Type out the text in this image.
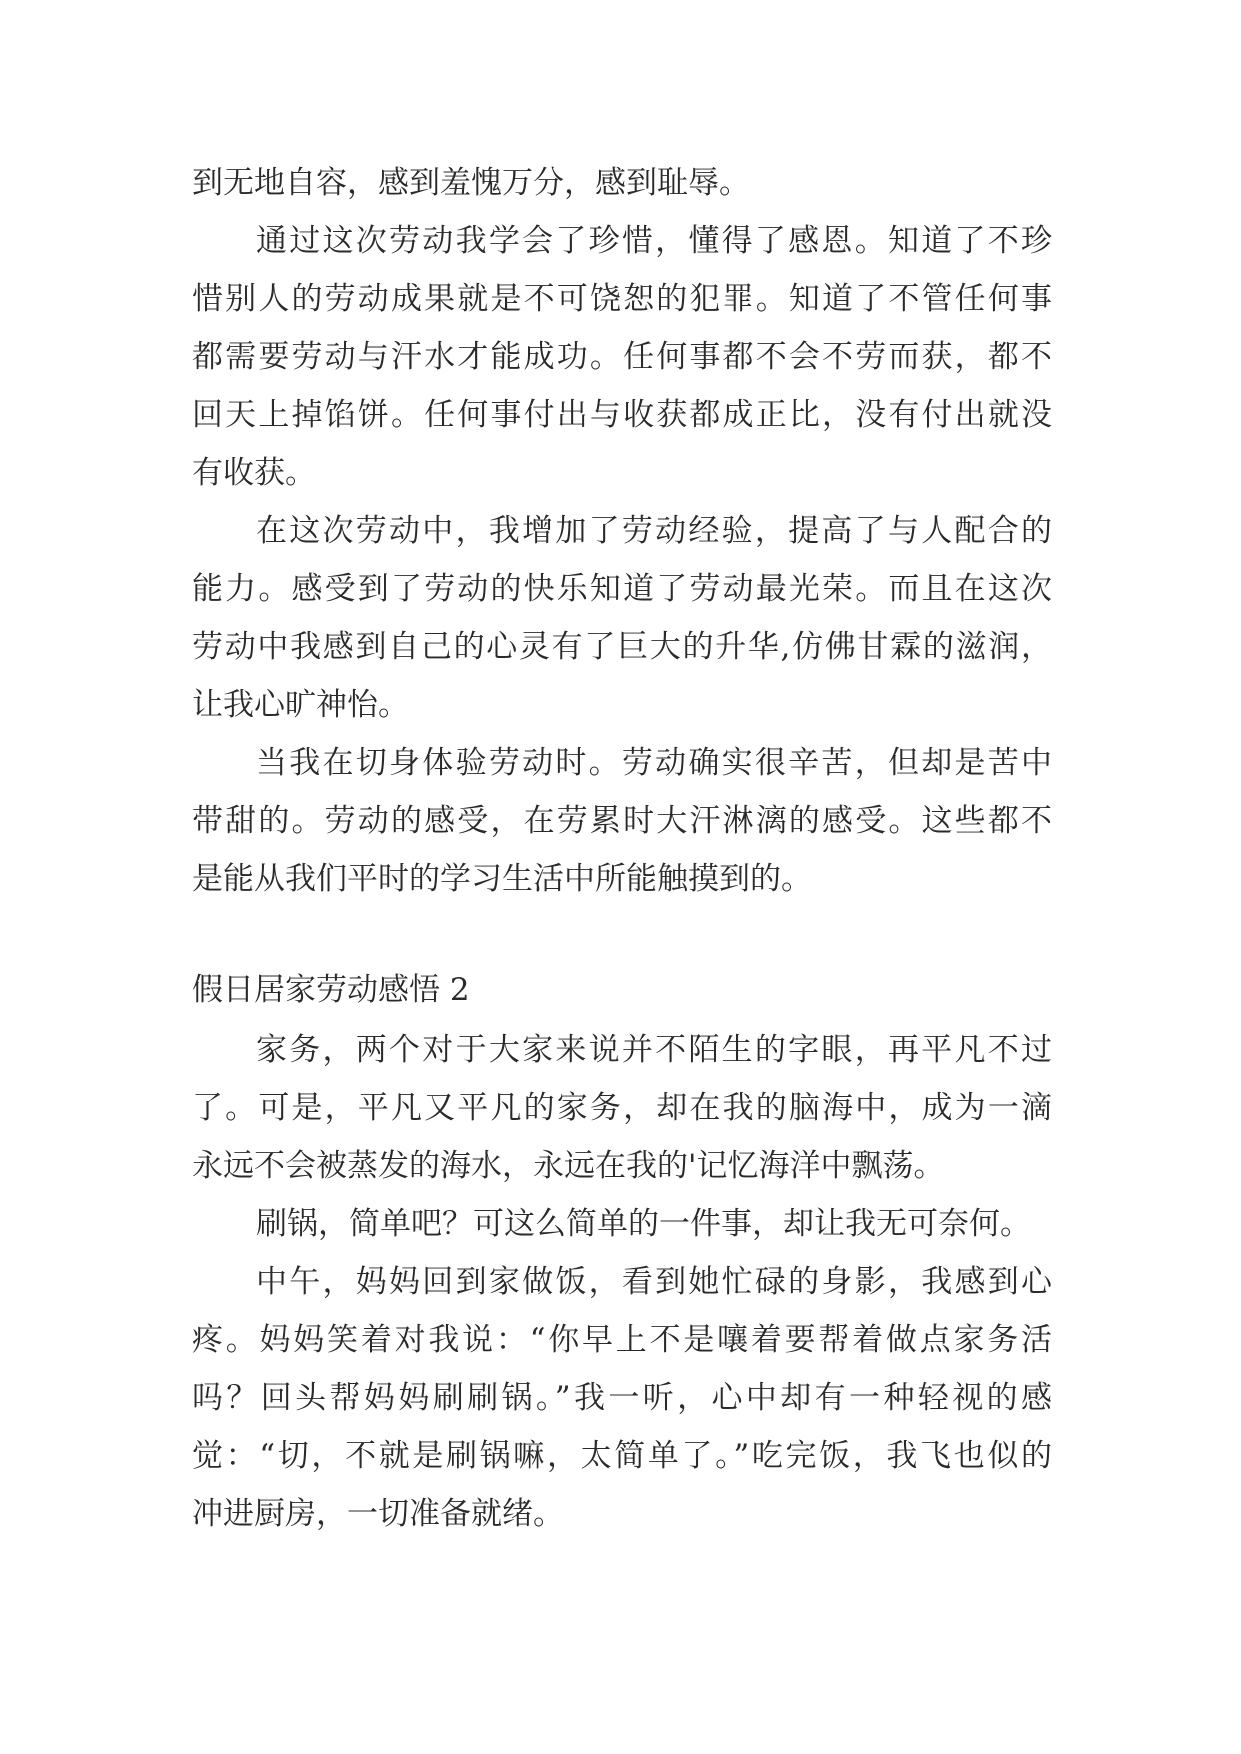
到无地自容，感到羞愧万分，感到耻辱。
通过这次劳动我学会了珍惜，懂得了感恩。知道了不珍
惜别人的劳动成果就是不可饶恕的犯罪。知道了不管任何事
都需要劳动与汗水才能成功。任何事都不会不劳而获，都不
回天上掉馅饼。任何事付出与收获都成正比，没有付出就没
有收获。
在这次劳动中，我增加了劳动经验，提高了与人配合的
能力。感受到了劳动的快乐知道了劳动最光荣。而且在这次
劳动中我感到自己的心灵有了巨大的升华,仿佛甘霖的滋润，
让我心旷神怡。
当我在切身体验劳动时。劳动确实很辛苦，但却是苦中
带甜的。劳动的感受，在劳累时大汗淋漓的感受。这些都不
是能从我们平时的学习生活中所能触摸到的。
假日居家劳动感悟 2
家务，两个对于大家来说并不陌生的字眼，再平凡不过
了。可是，平凡又平凡的家务，却在我的脑海中，成为一滴
永远不会被蒸发的海水，永远在我的'记忆海洋中飘荡。
刷锅，简单吧？可这么简单的一件事，却让我无可奈何。
中午，妈妈回到家做饭，看到她忙碌的身影，我感到心
疼。妈妈笑着对我说：“你早上不是嚷着要帮着做点家务活
吗？回头帮妈妈刷刷锅。”我一听，心中却有一种轻视的感
觉：“切，不就是刷锅嘛，太简单了。”吃完饭，我飞也似的
冲进厨房，一切准备就绪。
